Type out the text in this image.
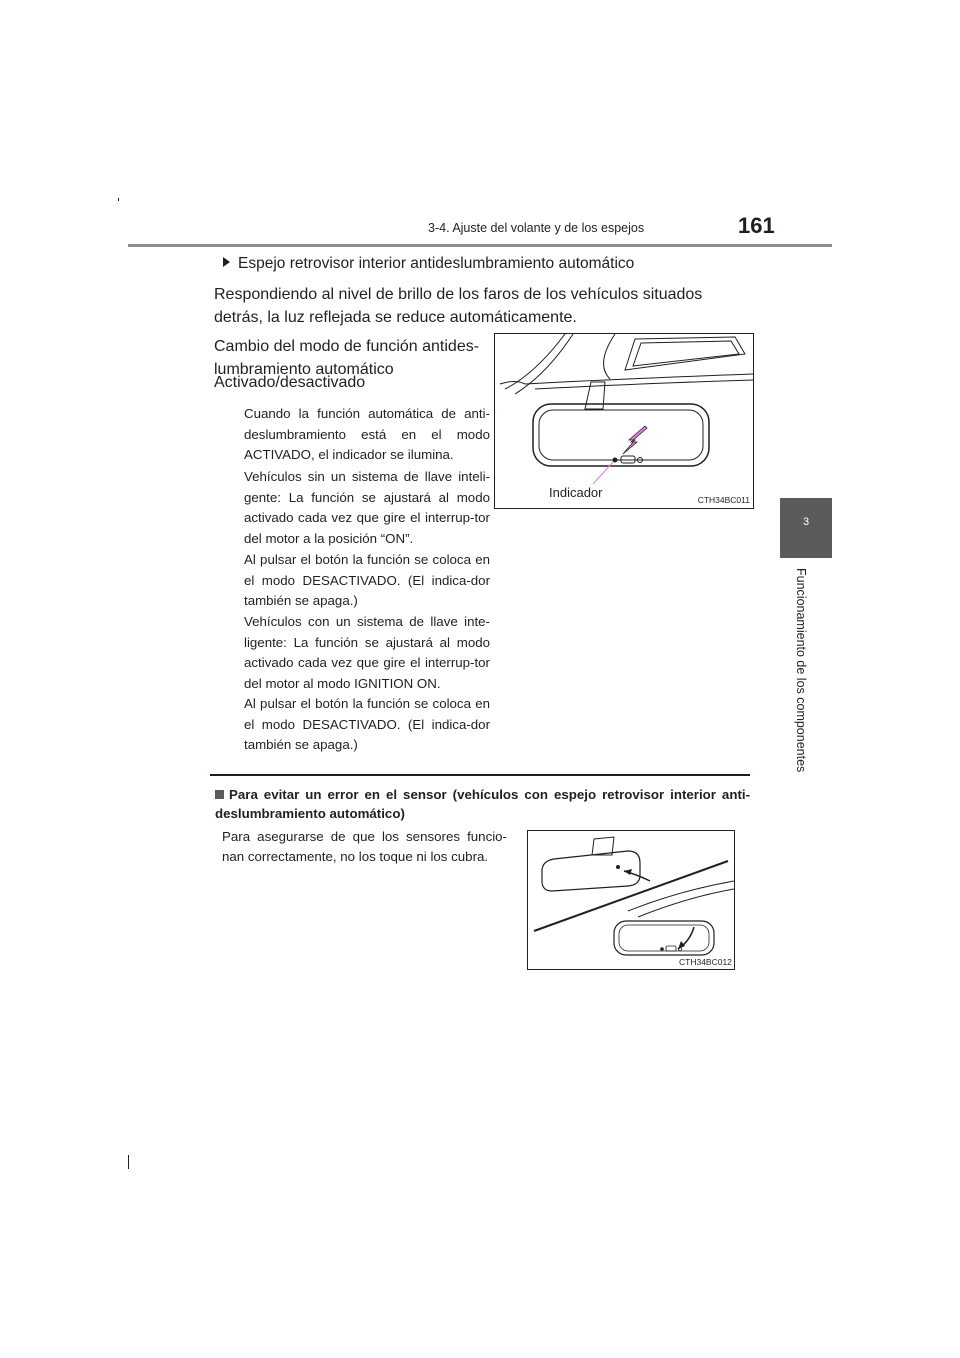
3-4. Ajuste del volante y de los espejos	161
3
Funcionamiento de los componentes
Espejo retrovisor interior antideslumbramiento automático
Respondiendo al nivel de brillo de los faros de los vehículos situados detrás, la luz reflejada se reduce automáticamente.
Cambio del modo de función antides-lumbramiento automático
Activado/desactivado
Cuando la función automática de anti-deslumbramiento está en el modo ACTIVADO, el indicador se ilumina.
Vehículos sin un sistema de llave inteli-gente: La función se ajustará al modo activado cada vez que gire el interrup-tor del motor a la posición “ON”.
Al pulsar el botón la función se coloca en el modo DESACTIVADO. (El indica-dor también se apaga.)
Vehículos con un sistema de llave inte-ligente: La función se ajustará al modo activado cada vez que gire el interrup-tor del motor al modo IGNITION ON.
Al pulsar el botón la función se coloca en el modo DESACTIVADO. (El indica-dor también se apaga.)
Indicador	CTH34BC011
Para evitar un error en el sensor (vehículos con espejo retrovisor interior anti-deslumbramiento automático)
Para asegurarse de que los sensores funcio-nan correctamente, no los toque ni los cubra.
CTH34BC012
